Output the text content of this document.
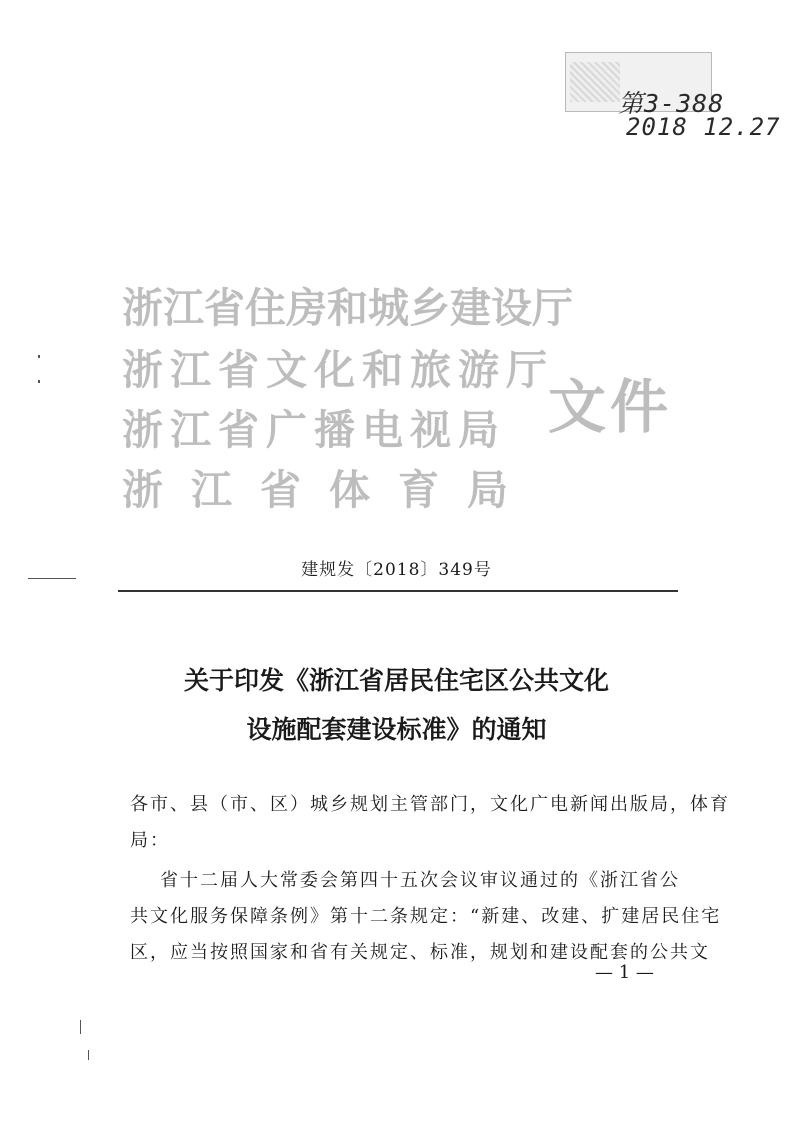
第3-388
2018 12.27
浙江省住房和城乡建设厅
浙江省文化和旅游厅
浙江省广播电视局
浙江省体育局
文件
建规发〔2018〕349号
关于印发《浙江省居民住宅区公共文化
设施配套建设标准》的通知
各市、县（市、区）城乡规划主管部门，文化广电新闻出版局，体育
局：
省十二届人大常委会第四十五次会议审议通过的《浙江省公
共文化服务保障条例》第十二条规定：“新建、改建、扩建居民住宅
区，应当按照国家和省有关规定、标准，规划和建设配套的公共文
— 1 —
